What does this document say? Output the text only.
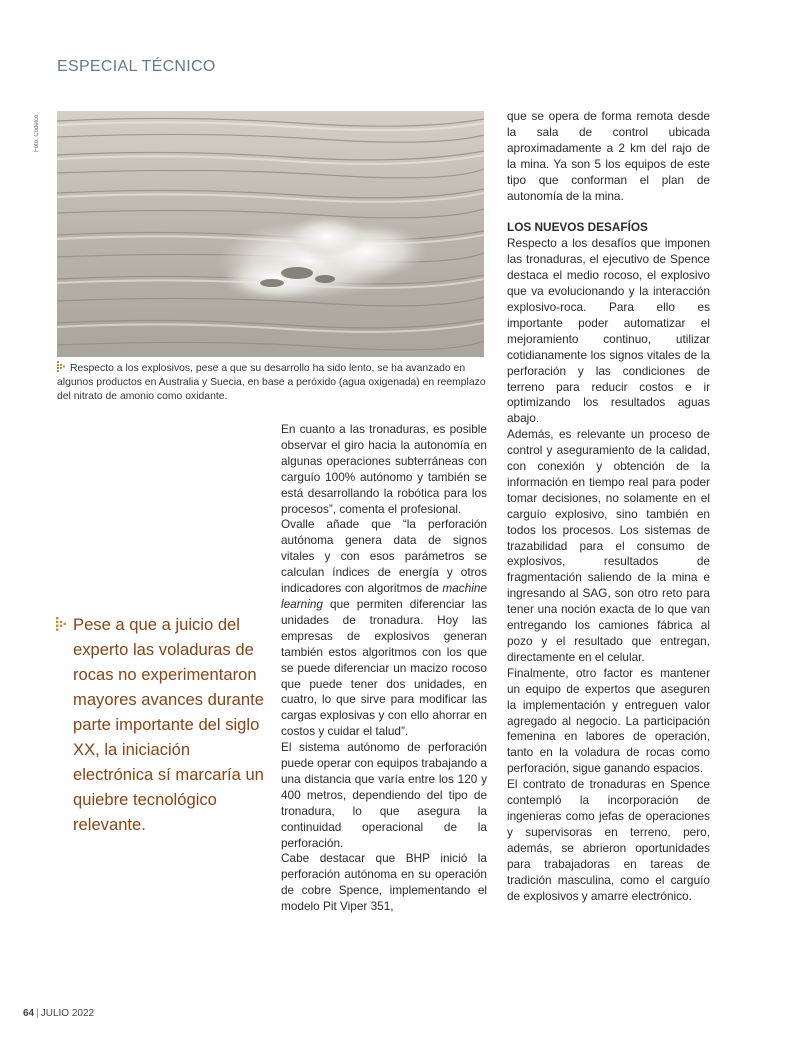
ESPECIAL TÉCNICO
Foto: Codelco
Respecto a los explosivos, pese a que su desarrollo ha sido lento, se ha avanzado en algunos productos en Australia y Suecia, en base a peróxido (agua oxigenada) en reemplazo del nitrato de amonio como oxidante.
Pese a que a juicio del experto las voladuras de rocas no experimentaron mayores avances durante parte importante del siglo XX, la iniciación electrónica sí marcaría un quiebre tecnológico relevante.

En cuanto a las tronaduras, es posible observar el giro hacia la autonomía en algunas operaciones subterráneas con carguío 100% autónomo y también se está desarrollando la robótica para los procesos”, comenta el profesional.

Ovalle añade que “la perforación autónoma genera data de signos vitales y con esos parámetros se calculan índices de energía y otros indicadores con algoritmos de machine learning que permiten diferenciar las unidades de tronadura. Hoy las empresas de explosivos generan también estos algoritmos con los que se puede diferenciar un macizo rocoso que puede tener dos unidades, en cuatro, lo que sirve para modificar las cargas explosivas y con ello ahorrar en costos y cuidar el talud”.

El sistema autónomo de perforación puede operar con equipos trabajando a una distancia que varía entre los 120 y 400 metros, dependiendo del tipo de tronadura, lo que asegura la continuidad operacional de la perforación.

Cabe destacar que BHP inició la perforación autónoma en su operación de cobre Spence, implementando el modelo Pit Viper 351,

que se opera de forma remota desde la sala de control ubicada aproximadamente a 2 km del rajo de la mina. Ya son 5 los equipos de este tipo que conforman el plan de autonomía de la mina.

LOS NUEVOS DESAFÍOS

Respecto a los desafíos que imponen las tronaduras, el ejecutivo de Spence destaca el medio rocoso, el explosivo que va evolucionando y la interacción explosivo-roca. Para ello es importante poder automatizar el mejoramiento continuo, utilizar cotidianamente los signos vitales de la perforación y las condiciones de terreno para reducir costos e ir optimizando los resultados aguas abajo.

Además, es relevante un proceso de control y aseguramiento de la calidad, con conexión y obtención de la información en tiempo real para poder tomar decisiones, no solamente en el carguío explosivo, sino también en todos los procesos. Los sistemas de trazabilidad para el consumo de explosivos, resultados de fragmentación saliendo de la mina e ingresando al SAG, son otro reto para tener una noción exacta de lo que van entregando los camiones fábrica al pozo y el resultado que entregan, directamente en el celular.

Finalmente, otro factor es mantener un equipo de expertos que aseguren la implementación y entreguen valor agregado al negocio. La participación femenina en labores de operación, tanto en la voladura de rocas como perforación, sigue ganando espacios.

El contrato de tronaduras en Spence contempló la incorporación de ingenieras como jefas de operaciones y supervisoras en terreno, pero, además, se abrieron oportunidades para trabajadoras en tareas de tradición masculina, como el carguío de explosivos y amarre electrónico.

64 | JULIO 2022
